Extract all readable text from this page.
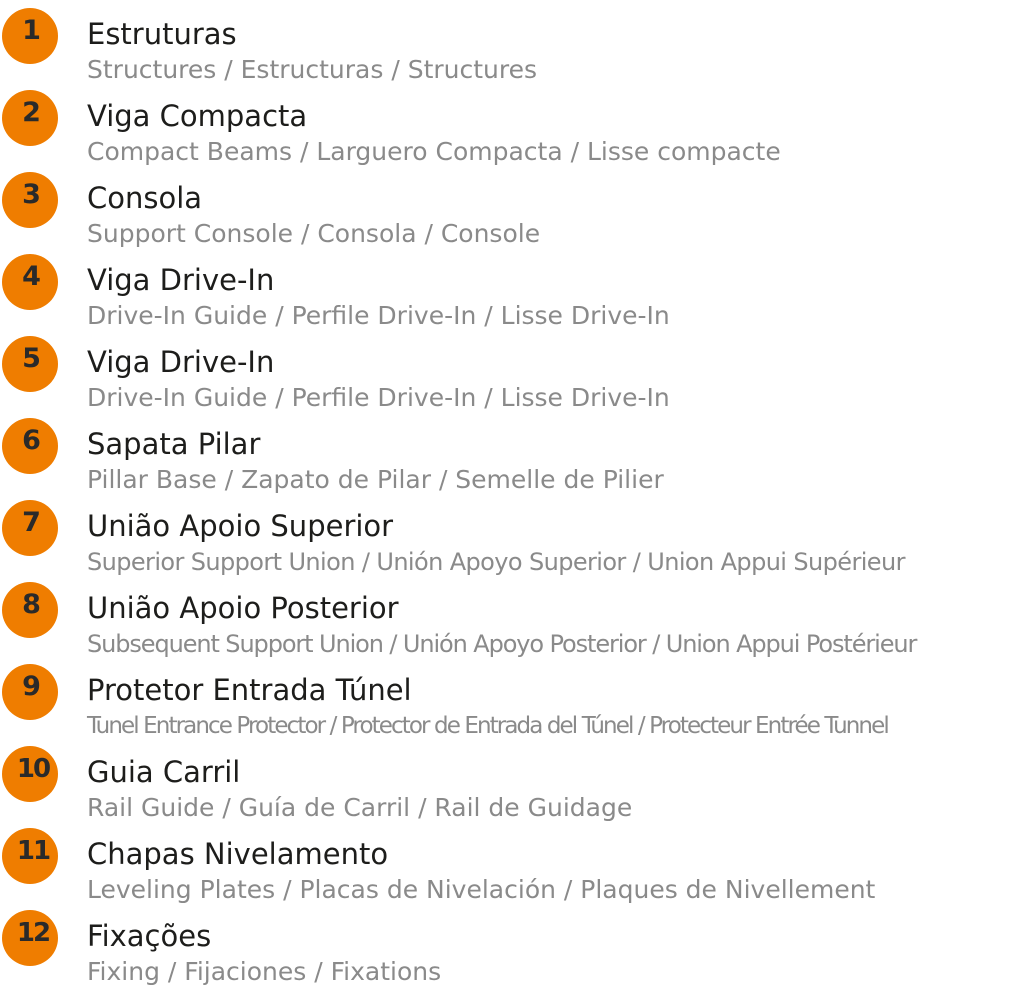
1 Estruturas
Structures / Estructuras / Structures
2 Viga Compacta
Compact Beams / Larguero Compacta / Lisse compacte
3 Consola
Support Console / Consola / Console
4 Viga Drive-In
Drive-In Guide / Perfile Drive-In / Lisse Drive-In
5 Viga Drive-In
Drive-In Guide / Perfile Drive-In / Lisse Drive-In
6 Sapata Pilar
Pillar Base / Zapato de Pilar / Semelle de Pilier
7 União Apoio Superior
Superior Support Union / Unión Apoyo Superior / Union Appui Supérieur
8 União Apoio Posterior
Subsequent Support Union / Unión Apoyo Posterior / Union Appui Postérieur
9 Protetor Entrada Túnel
Tunel Entrance Protector / Protector de Entrada del Túnel / Protecteur Entrée Tunnel
10 Guia Carril
Rail Guide / Guía de Carril / Rail de Guidage
11 Chapas Nivelamento
Leveling Plates / Placas de Nivelación / Plaques de Nivellement
12 Fixações
Fixing / Fijaciones / Fixations
